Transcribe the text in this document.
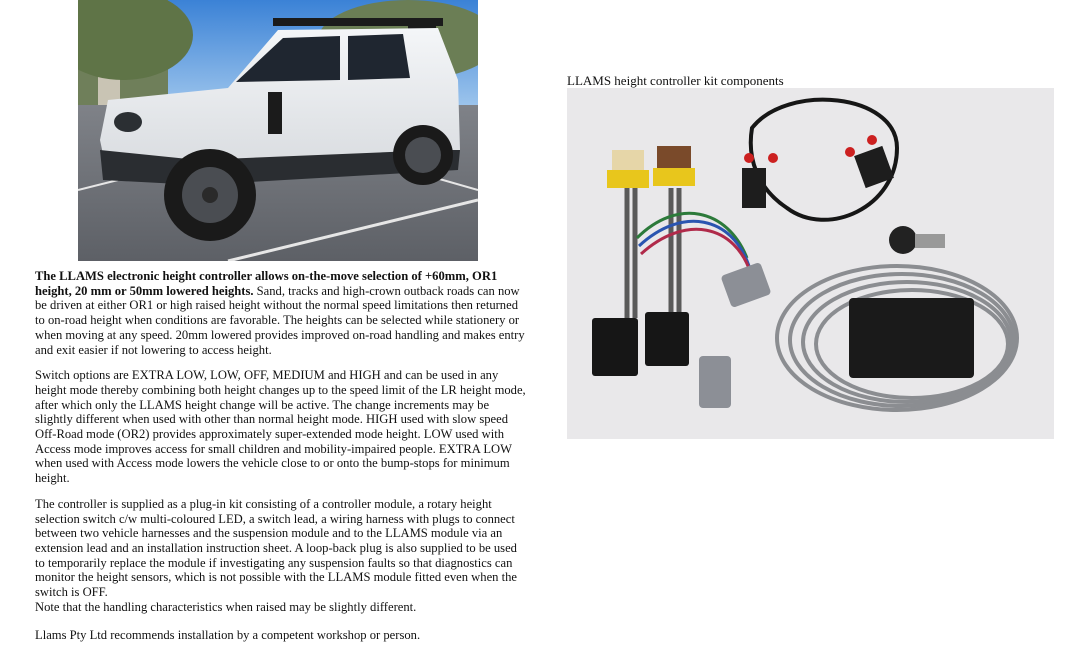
LLAMS height controller kit components

The LLAMS electronic height controller allows on-the-move selection of +60mm, OR1 height, 20 mm or 50mm lowered heights. Sand, tracks and high-crown outback roads can now be driven at either OR1 or high raised height without the normal speed limitations then returned to on-road height when conditions are favorable. The heights can be selected while stationery or when moving at any speed. 20mm lowered provides improved on-road handling and makes entry and exit easier if not lowering to access height.

Switch options are EXTRA LOW, LOW, OFF, MEDIUM and HIGH and can be used in any height mode thereby combining both height changes up to the speed limit of the LR height mode, after which only the LLAMS height change will be active. The change increments may be slightly different when used with other than normal height mode. HIGH used with slow speed Off-Road mode (OR2) provides approximately super-extended mode height. LOW used with Access mode improves access for small children and mobility-impaired people. EXTRA LOW when used with Access mode lowers the vehicle close to or onto the bump-stops for minimum height.

The controller is supplied as a plug-in kit consisting of a controller module, a rotary height selection switch c/w multi-coloured LED, a switch lead, a wiring harness with plugs to connect between two vehicle harnesses and the suspension module and to the LLAMS module via an extension lead and an installation instruction sheet. A loop-back plug is also supplied to be used to temporarily replace the module if investigating any suspension faults so that diagnostics can monitor the height sensors, which is not possible with the LLAMS module fitted even when the switch is OFF.
Note that the handling characteristics when raised may be slightly different.

Llams Pty Ltd recommends installation by a competent workshop or person.
